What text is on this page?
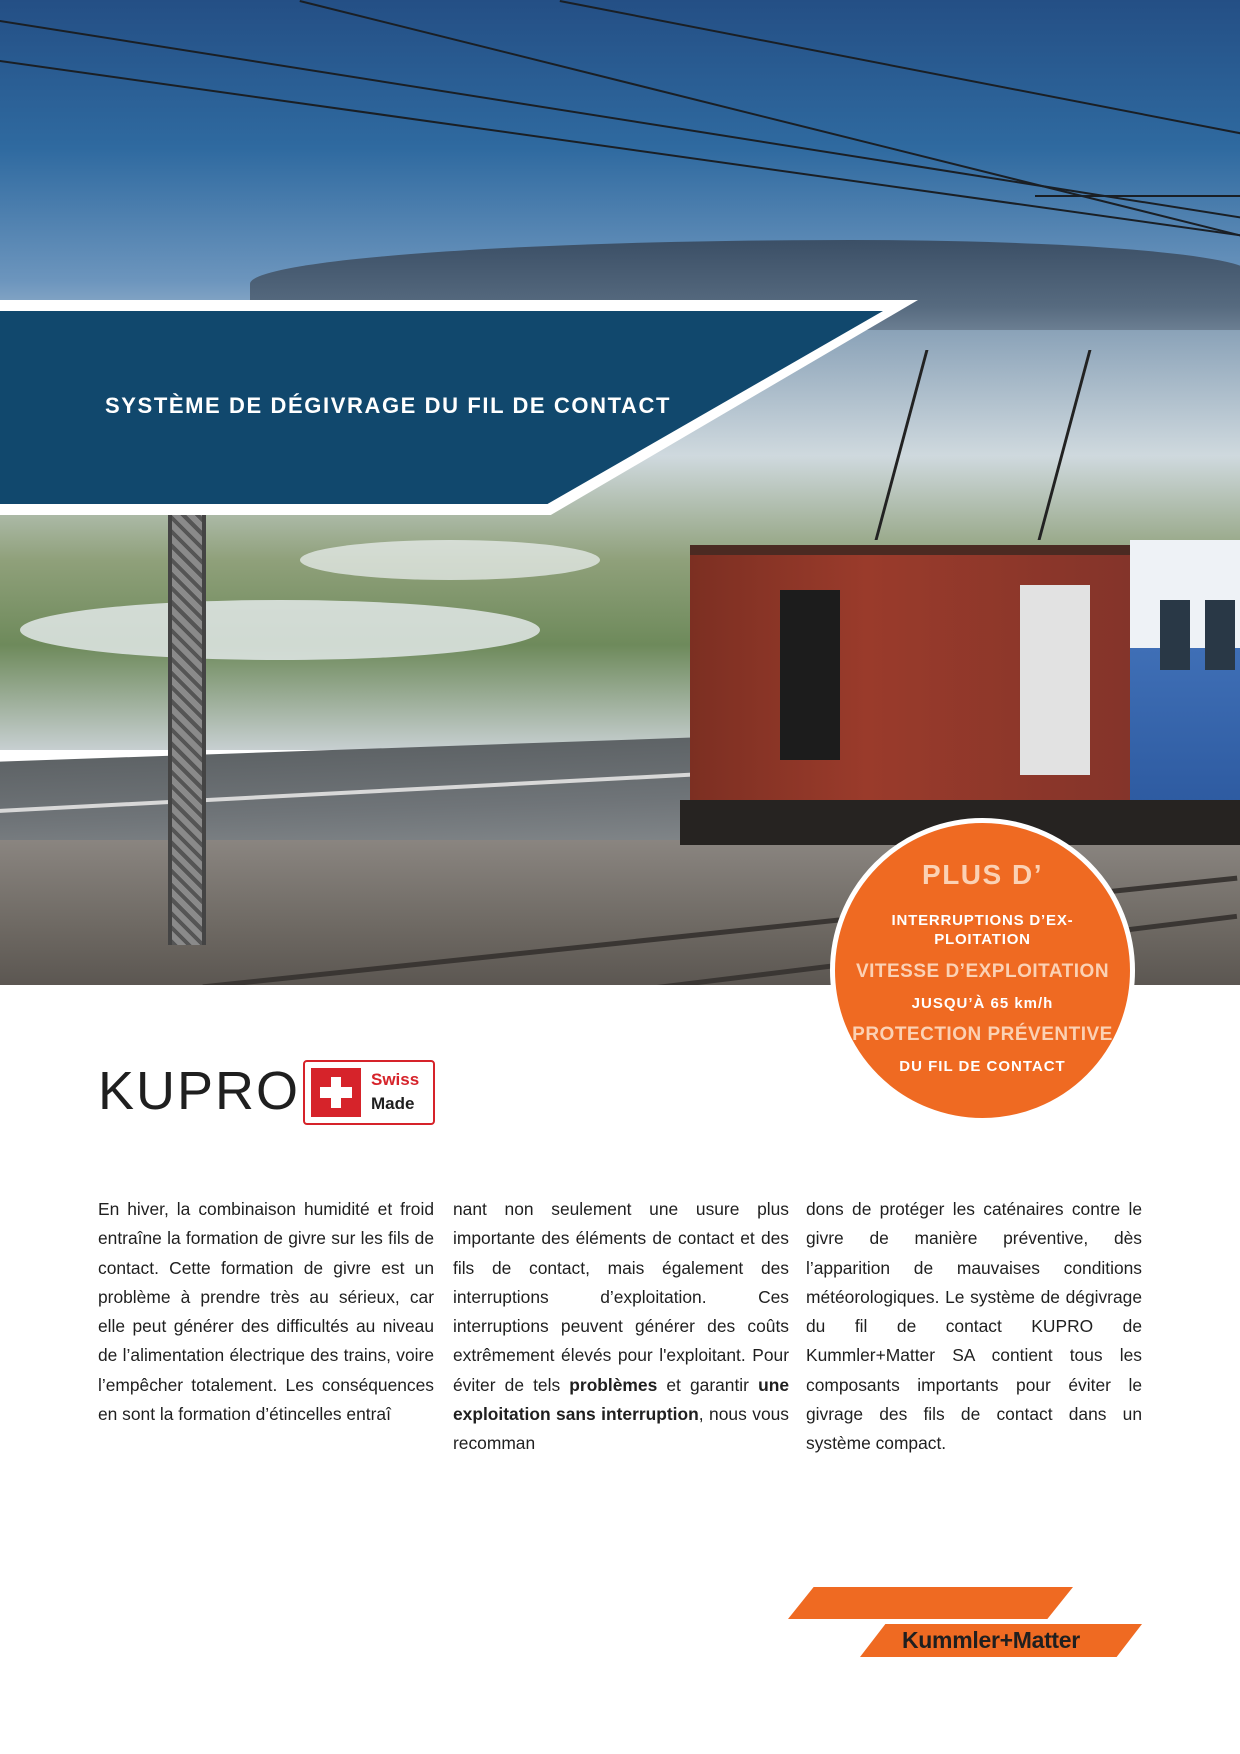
SYSTÈME DE DÉGIVRAGE DU FIL DE CONTACT
PLUS D’
INTERRUPTIONS D’EX-PLOITATION
VITESSE D’EXPLOITATION
JUSQU’À 65 km/h
PROTECTION PRÉVENTIVE
DU FIL DE CONTACT
KUPRO	Swiss
Made

En hiver, la combinaison humidité et froid entraîne la formation de givre sur les fils de contact. Cette formation de givre est un problème à prendre très au sérieux, car elle peut générer des difficultés au niveau de l’alimentation électrique des trains, voire l’empêcher totalement. Les conséquences en sont la formation d’étincelles entraî

nant non seulement une usure plus importante des éléments de contact et des fils de contact, mais également des interruptions d’exploitation. Ces interruptions peuvent générer des coûts extrêmement élevés pour l'exploitant. Pour éviter de tels problèmes et garantir une exploitation sans interruption, nous vous recomman

dons de protéger les caténaires contre le givre de manière préventive, dès l’apparition de mauvaises conditions météorologiques. Le système de dégivrage du fil de contact KUPRO de Kummler+Matter SA contient tous les composants importants pour éviter le givrage des fils de contact dans un système compact.

Kummler+Matter
